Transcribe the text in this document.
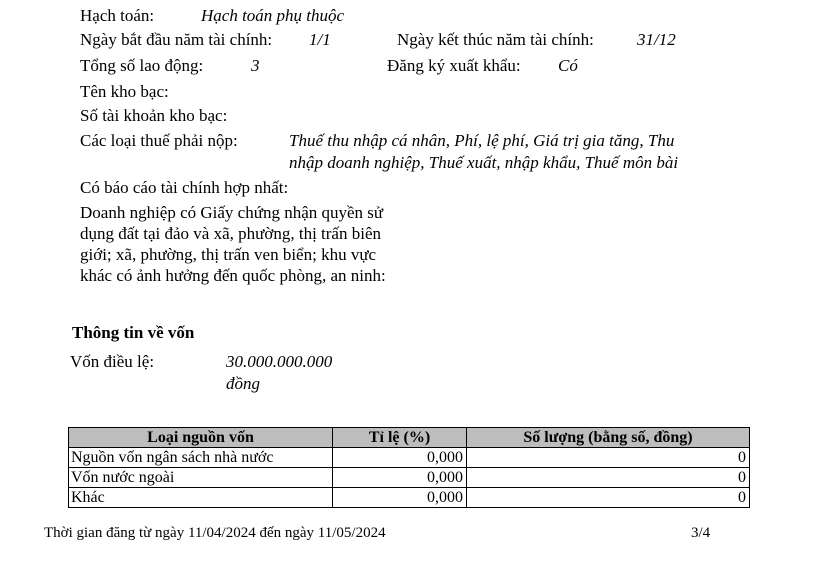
Hạch toán:	Hạch toán phụ thuộc
Ngày bắt đầu năm tài chính: 1/1	Ngày kết thúc năm tài chính:	31/12
Tổng số lao động:	3	Đăng ký xuất khẩu: Có
Tên kho bạc:
Số tài khoản kho bạc:
Các loại thuế phải nộp:	Thuế thu nhập cá nhân, Phí, lệ phí, Giá trị gia tăng, Thu
nhập doanh nghiệp, Thuế xuất, nhập khẩu, Thuế môn bài
Có báo cáo tài chính hợp nhất:
Doanh nghiệp có Giấy chứng nhận quyền sử
dụng đất tại đảo và xã, phường, thị trấn biên
giới; xã, phường, thị trấn ven biển; khu vực
khác có ảnh hưởng đến quốc phòng, an ninh:
Thông tin về vốn
Vốn điều lệ:	30.000.000.000
đồng
Loại nguồn vốn	Tỉ lệ (%)	Số lượng (bằng số, đồng)
Nguồn vốn ngân sách nhà nước	0,000	0
Vốn nước ngoài	0,000	0
Khác	0,000	0
Thời gian đăng từ ngày 11/04/2024 đến ngày 11/05/2024	3/4
